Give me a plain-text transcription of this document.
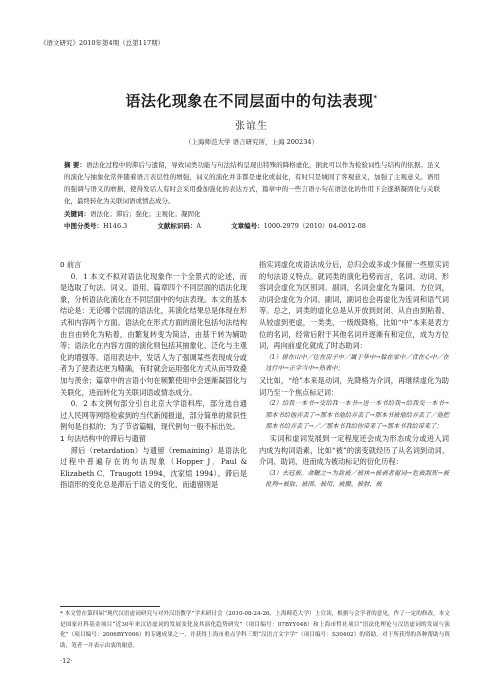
《语文研究》2010年第4期（总第117期）
语法化现象在不同层面中的句法表现*
张谊生
（上海师范大学 语言研究所，上海 200234）
摘 要：语法化过程中的滞后与遗留，导致词类功能与句法结构呈现出特殊的降格虚化，据此可以作为检验词性与结构的依据。虽义的演化与抽象化常伴随着语言表层性的增强，词义的演化并非都是虚化或弱化，有时只是城间了客观意义，加强了主观意义。语用的强调与语义的磨损，使得发话人有时会采用叠加强化的表达方式，篇章中的一些言语小句在语法化的作用下会逐渐凝固化与关联化，最终转化为关联词语或情态成分。
关键词：语法化；滞后；强化；主观化；凝固化
中图分类号：H146.3	文献标识码：A	文章编号：1000-2979（2010）04-0012-08

0 前言

0．1 本文不拟对语法化现象作一个全景式的论述，而是选取了句法、词义、语用、篇章四个不同层面的语法化现象，分析语法化演化在不同层面中的句法表现。本文的基本结论是：无论哪个层面的语法化，其演化结果总是体现在形式和内容两个方面。语法化在形式方面的演化包括句法结构由自由转化为粘着，由繁复转变为简洁，由基干转为辅助等；语法化在内容方面的演化则包括其抽象化、泛化与主观化的增强等。语用表达中，发话人为了强调某些表现成分或者为了使表达更为精确，有时就会运用强化方式从而导致叠加与羡余；篇章中的言语小句在频繁使用中会逐渐凝固化与关联化，进而转化为关联词语或情态成分。

0．2 本文例句部分引自北京大学语料库，部分选自通过人民网等网络检索到的当代新闻报道，部分简单的常识性例句是自拟的；为了节省篇幅，现代例句一般不标出处。

1 句法结构中的滞后与遗留

滞后（retardation）与遗留（remaining）是语法化过程中普遍存在的句法现象（Hopper J．Paul & Elizabeth C．Traugott 1994，沈家煊 1994）。滞后是指语形的变化总是滞后于语义的变化，而遗留则是

指实词虚化成语法成分后，总归会或多或少保留一些原实词的句法语义特点。就词类的演化趋势而言，名词、动词、形容词会虚化为区别词、副词，名词会虚化为量词、方位词，动词会虚化为介词、副词，副词也会再虚化为连词和语气词等。总之，词类的虚化总是从开放到封闭、从自由到粘着、从较虚到更虚，一类类、一级级降格，比如“中”本来是表方位的名词，经常后附于其他名词并逐渐有和定位，成为方位词，再向前虚化就成了时态助词：

（1）居在山中／住在房子中／属于华中→躲在家中／背在心中／在这行中→正学当中→热表中；

又比如，“给”本来是动词，先降格为介词，再继续虚化为助词乃至一个焦点标记词：

（2）给我一本书→交给我一本书→送一本书给我→给我交一本书→那本书给他弄丢了→那本书他给弄丢了→那本书被他给弄丢了／他把那本书给弄丢了→／／那本书我给你带来了→那本书我给带来了；

实词和虚词发展到一定程度还会成为形态成分或进入词内成为构词语素，比如“被”的演变就经历了从名词到动词、介词、助词，进而成为被动标记的衍化历程：

（3）去冠被，命鞭之→为敌被／被执→被剥者留词→危被刮死→被批判→被取、被围、被用、被撤、被射、被

* 本文曾在第四届“现代汉语虚词研究与对外汉语教学”学术研讨会（2010-08-24-26，上海师范大学）上宣读，根据与会学者的意见，作了一定的修改。本文是国家社科基金项目“近30年来汉语虚词的发展变化及其演化趋势研究”（项目编号：07BYY048）和上海市哲社项目“语法化理论与汉语虚词的发展与演化”（项目编号：2006BYY006）的专题成果之一，并获得上海市重点学科三期“汉语言文字学”（项目编号：S30402）的资助。对于所获得的各种帮助与资助，笔者一并表示由衷的谢意。
·12·
